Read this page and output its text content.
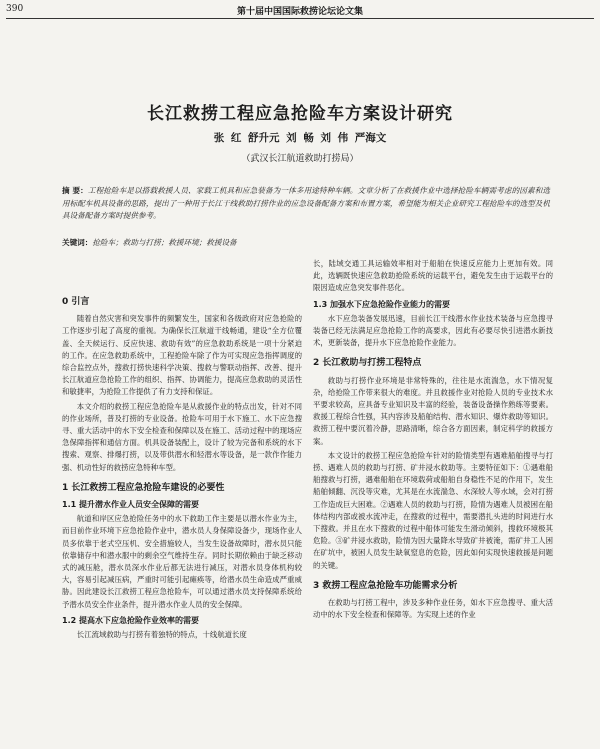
390	第十届中国国际救捞论坛论文集
长江救捞工程应急抢险车方案设计研究
张 红 舒升元 刘 畅 刘 伟 严海文
（武汉长江航道救助打捞局）
摘 要：工程抢险车是以搭载救援人员、家载工机具和应急装备为一体多用途特种车辆。文章分析了在救援作业中选择抢险车辆需考虑的因素和选用标配车机具设备的思路，提出了一种用于长江干线救助打捞作业的应急设备配备方案和布置方案，希望能为相关企业研究工程抢险车的选型及机具设备配备方案时提供参考。
关键词：抢险车；救助与打捞；救援环境；救援设备
0 引言

随着自然灾害和突发事件的频繁发生，国家和各级政府对应急抢险的工作逐步引起了高度的重视。为确保长江航道干线畅通，建设“全方位覆盖、全天候运行、反应快速、救助有效”的应急救助系统是一项十分紧迫的工作。在应急救助系统中，工程抢险车除了作为可实现应急指挥调度的综合监控点外，搜救打捞快速科学决策、搜救与警联动指挥、改善、提升长江航道应急抢险工作的组织、指挥、协调能力，提高应急救助的灵活性和敏捷率，为抢险工作提供了有力支持和保证。

本文介绍的救捞工程应急抢险车是从救援作业的特点出发，针对不同的作业场所，普及打捞的专业设备。抢险车可用于水下施工、水下应急搜寻、重大活动中的水下安全检查和保障以及在施工、活动过程中的现场应急保障指挥和通信方面。机具设备装配上，设计了较为完备和系统的水下搜索、观察、排爆打捞，以及带供潜水和轻潜水等设备，是一款作作能力强、机动性好的救捞应急特种车型。

1 长江救捞工程应急抢险车建设的必要性
1.1 提升潜水作业人员安全保障的需要

航道和岸区应急抢险任务中的水下救助工作主要是以潜水作业为主，而目前作业环境下应急抢险作业中，潜水员人身保障设备少，现场作业人员多依靠于老式空压机、安全措施较人，当发生设备故障时，潜水员只能依靠储存中和潜水服中的剩余空气维持生存。同时长期依赖由于缺乏移动式的减压舱，潜水员深水作业后都无法进行减压，对潜水员身体机构较大，容易引起减压病，严重时可能引起瘫痪等，给潜水员生命造成严重威胁。因此建设长江救捞工程应急抢险车，可以通过潜水员支持保障系统给予潜水员安全作业条件，提升潜水作业人员的安全保障。

1.2 提高水下应急抢险作业效率的需要

长江流域救助与打捞有着独特的特点，十线航道长度

长，陆域交通工具运输效率相对于船舶在快速反应能力上更加有效。同此，选辆既快速应急救助抢险系统的运载平台，避免发生由于运载平台的限因造成应急突发事件恶化。

1.3 加强水下应急抢险作业能力的需要

水下应急装备发展迅速，目前长江干线潜水作业技术装备与应急搜寻装备已经无法满足应急抢险工作的高要求，因此有必要尽快引进潜水新技术，更新装备，提升水下应急抢险作业能力。

2 长江救助与打捞工程特点

救助与打捞作业环境是非常特殊的，往往是水流湍急，水下情况复杂，给抢险工作带来很大的难度。并且救援作业对抢险人员的专业技术水平要求较高，应具备专业知识及丰富的经验，装备设备操作熟练等要素。救援工程综合性强，其内容涉及船舶结构、潜水知识、爆炸救助等知识。救捞工程中要沉着冷静，思路清晰，综合各方面因素，制定科学的救援方案。

本文设计的救捞工程应急抢险车针对的险情类型有遇难船舶搜寻与打捞、遇难人员的救助与打捞、矿井浸水救助等。主要特征如下：①遇难船舶搜救与打捞，遇难船舶在环境载荷或船舶自身稳性不足的作用下，发生船舶倾翻、沉没等灾难，尤其是在水流湍急、水深较人等水域，会对打捞工作造成巨大困难。②遇难人员的救助与打捞，险情为遇难人员被困在船体结构内部或被水流冲走，在搜救的过程中，需要潜扎头进的时间进行水下搜救。并且在水下搜救的过程中船体可能发生滑动倾斜，搜救环境极其危险。③矿井浸水救助，险情为因大量降水导致矿井被淹，需矿井工人困在矿坑中，被困人员发生缺氧窒息的危险，因此如何实现快速救援是问题的关键。

3 救捞工程应急抢险车功能需求分析

在救助与打捞工程中，涉及多种作业任务，如水下应急搜寻、重大活动中的水下安全检查和保障等。为实现上述的作业
